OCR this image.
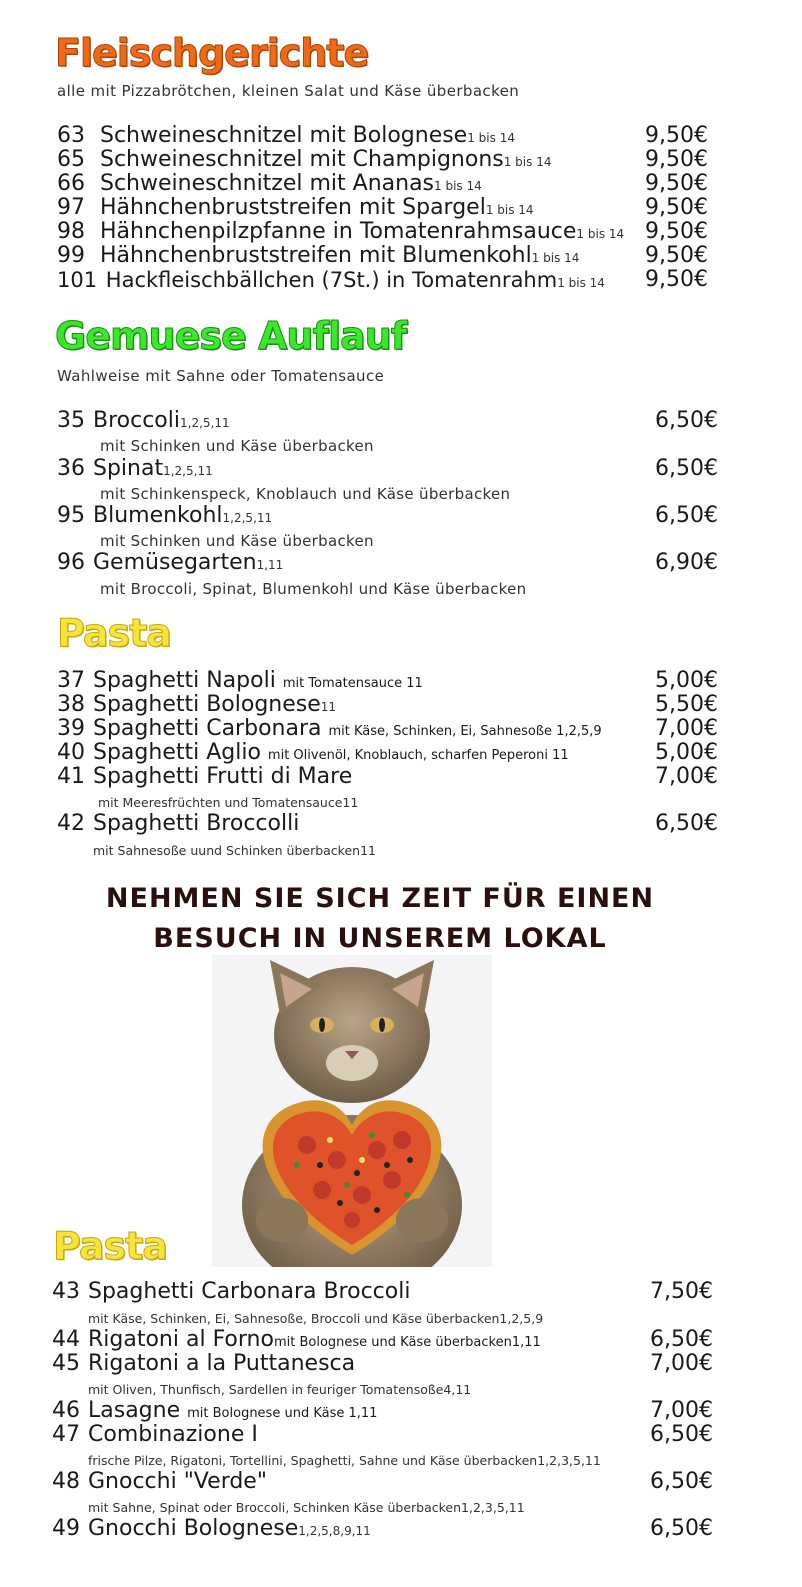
Fleischgerichte
alle mit Pizzabrötchen, kleinen Salat und Käse überbacken
63 Schweineschnitzel mit Bolognese1 bis 14	9,50€
65 Schweineschnitzel mit Champignons1 bis 14	9,50€
66 Schweineschnitzel mit Ananas1 bis 14	9,50€
97 Hähnchenbruststreifen mit Spargel1 bis 14	9,50€
98 Hähnchenpilzpfanne in Tomatenrahmsauce1 bis 14 9,50€
99 Hähnchenbruststreifen mit Blumenkohl1 bis 14	9,50€
101 Hackfleischbällchen (7St.) in Tomatenrahm1 bis 14 9,50€
Gemuese Auflauf
Wahlweise mit Sahne oder Tomatensauce
35 Broccoli1,2,5,11	6,50€
mit Schinken und Käse überbacken
36 Spinat1,2,5,11	6,50€
mit Schinkenspeck, Knoblauch und Käse überbacken
95 Blumenkohl1,2,5,11	6,50€
mit Schinken und Käse überbacken
96 Gemüsegarten1,11	6,90€
mit Broccoli, Spinat, Blumenkohl und Käse überbacken
Pasta
37 Spaghetti Napoli mit Tomatensauce 11	5,00€
38 Spaghetti Bolognese11	5,50€
39 Spaghetti Carbonara mit Käse, Schinken, Ei, Sahnesoße 1,2,5,9 7,00€
40 Spaghetti Aglio mit Olivenöl, Knoblauch, scharfen Peperoni 11	5,00€
41 Spaghetti Frutti di Mare	7,00€
mit Meeresfrüchten und Tomatensauce11
42 Spaghetti Broccolli	6,50€
mit Sahnesoße uund Schinken überbacken11
NEHMEN SIE SICH ZEIT FÜR EINEN
BESUCH IN UNSEREM LOKAL
Pasta
43 Spaghetti Carbonara Broccoli	7,50€
mit Käse, Schinken, Ei, Sahnesoße, Broccoli und Käse überbacken1,2,5,9
44 Rigatoni al Fornomit Bolognese und Käse überbacken1,11	6,50€
45 Rigatoni a la Puttanesca	7,00€
mit Oliven, Thunfisch, Sardellen in feuriger Tomatensoße4,11
46 Lasagne mit Bolognese und Käse 1,11	7,00€
47 Combinazione I	6,50€
frische Pilze, Rigatoni, Tortellini, Spaghetti, Sahne und Käse überbacken1,2,3,5,11
48 Gnocchi "Verde"	6,50€
mit Sahne, Spinat oder Broccoli, Schinken Käse überbacken1,2,3,5,11
49 Gnocchi Bolognese1,2,5,8,9,11	6,50€
